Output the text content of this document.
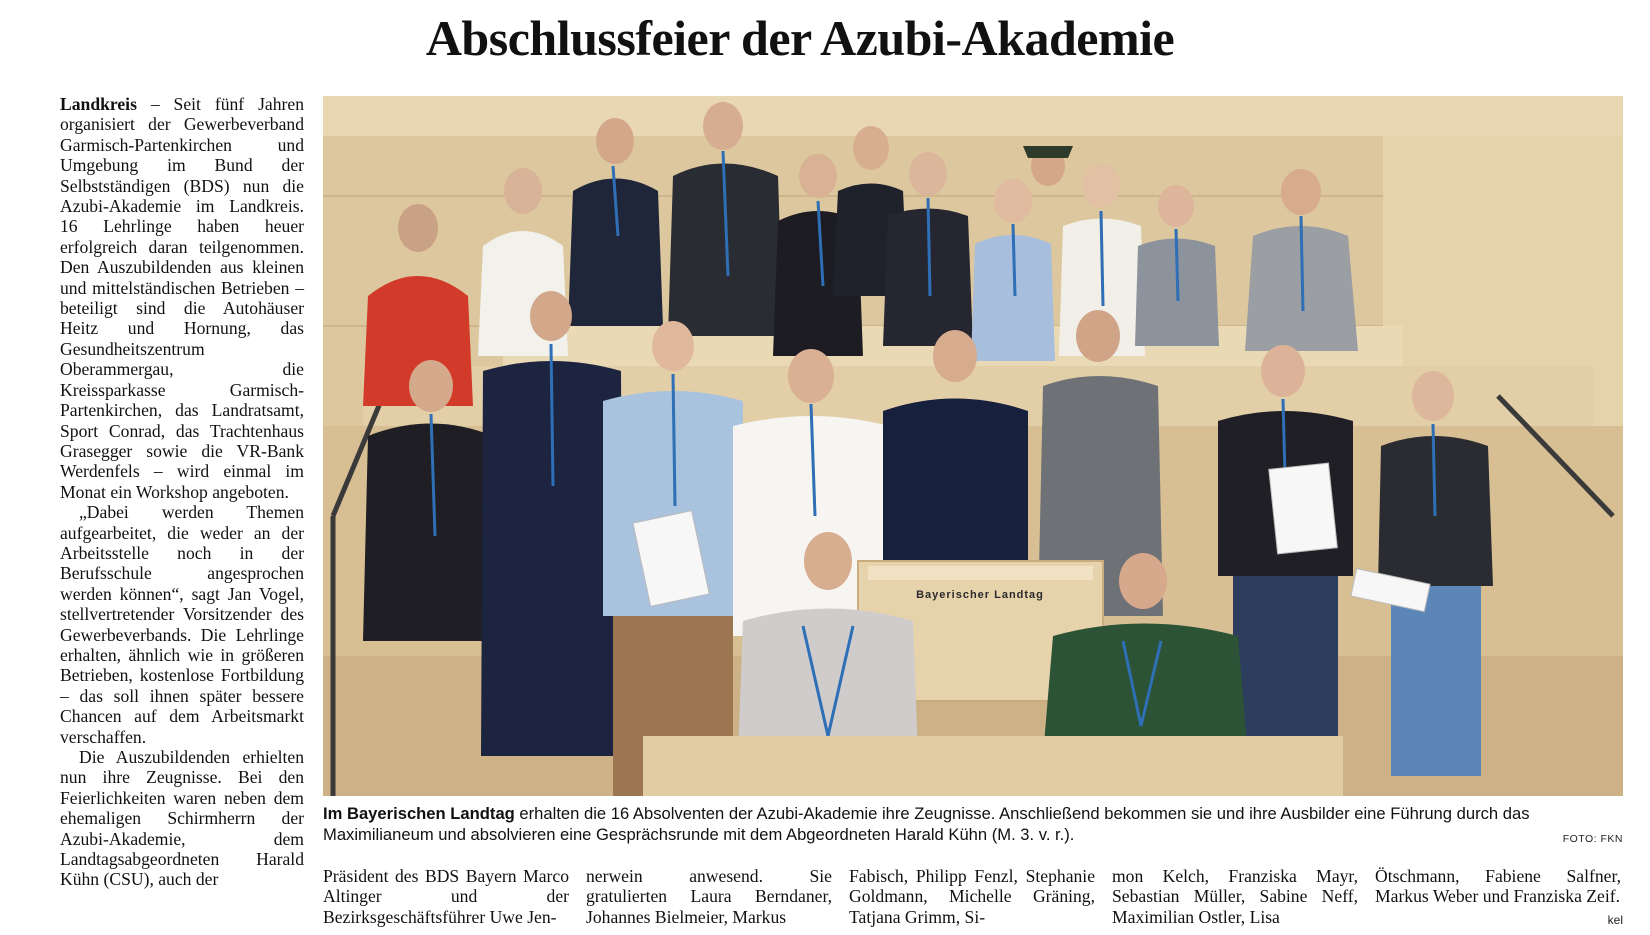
Abschlussfeier der Azubi-Akademie

Landkreis – Seit fünf Jahren organisiert der Gewerbeverband Garmisch-Partenkirchen und Umgebung im Bund der Selbstständigen (BDS) nun die Azubi-Akademie im Landkreis. 16 Lehrlinge haben heuer erfolgreich daran teilgenommen. Den Auszubildenden aus kleinen und mittelständischen Betrieben – beteiligt sind die Autohäuser Heitz und Hornung, das Gesundheitszentrum Oberammergau, die Kreissparkasse Garmisch-Partenkirchen, das Landratsamt, Sport Conrad, das Trachtenhaus Grasegger sowie die VR-Bank Werdenfels – wird einmal im Monat ein Workshop angeboten.

„Dabei werden Themen aufgearbeitet, die weder an der Arbeitsstelle noch in der Berufsschule angesprochen werden können“, sagt Jan Vogel, stellvertretender Vorsitzender des Gewerbeverbands. Die Lehrlinge erhalten, ähnlich wie in größeren Betrieben, kostenlose Fortbildung – das soll ihnen später bessere Chancen auf dem Arbeitsmarkt verschaffen.

Die Auszubildenden erhielten nun ihre Zeugnisse. Bei den Feierlichkeiten waren neben dem ehemaligen Schirmherrn der Azubi-Akademie, dem Landtagsabgeordneten Harald Kühn (CSU), auch der

Bayerischer Landtag
Im Bayerischen Landtag erhalten die 16 Absolventen der Azubi-Akademie ihre Zeugnisse. Anschließend bekommen sie und ihre Ausbilder eine Führung durch das Maximilianeum und absolvieren eine Gesprächsrunde mit dem Abgeordneten Harald Kühn (M. 3. v. r.).	FOTO: FKN

Präsident des BDS Bayern Marco Altinger und der Bezirksgeschäftsführer Uwe Jen-

nerwein anwesend. Sie gratulierten Laura Berndaner, Johannes Bielmeier, Markus

Fabisch, Philipp Fenzl, Stephanie Goldmann, Michelle Gräning, Tatjana Grimm, Si-

mon Kelch, Franziska Mayr, Sebastian Müller, Sabine Neff, Maximilian Ostler, Lisa

Ötschmann, Fabiene Salfner, Markus Weber und Franziska Zeif.

kel
